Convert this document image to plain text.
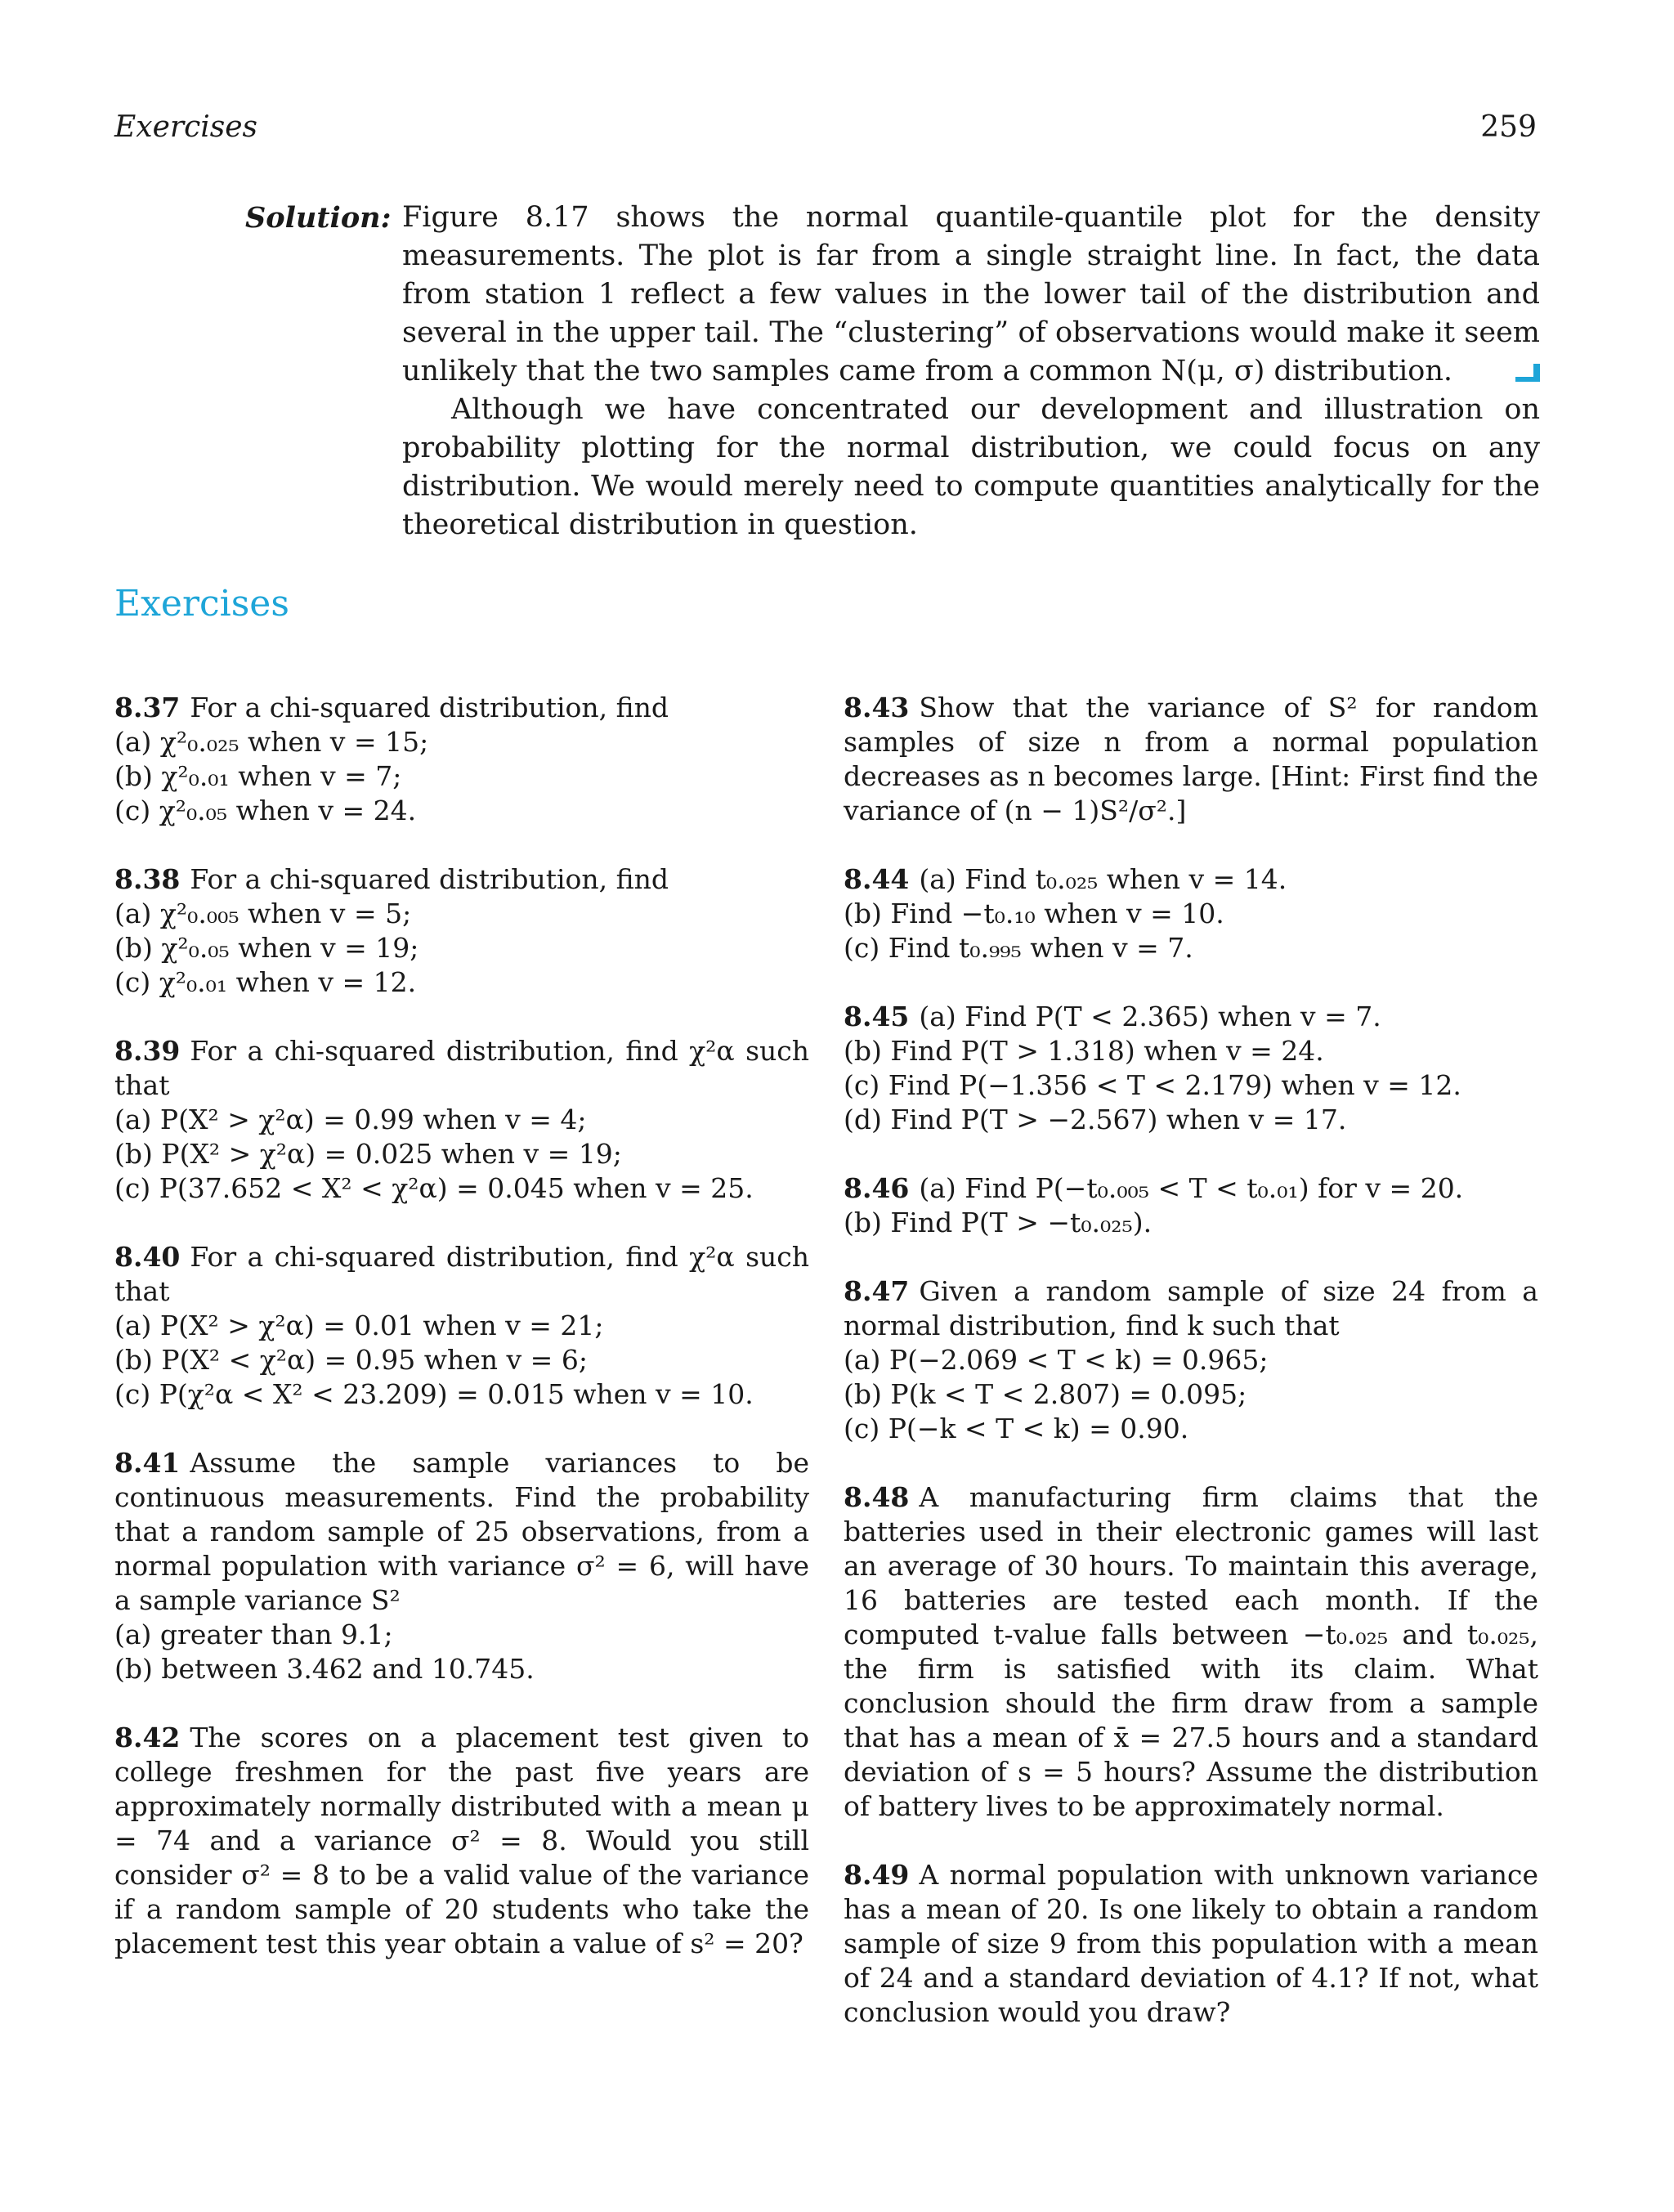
Exercises	259
Solution: Figure 8.17 shows the normal quantile-quantile plot for the density measurements. The plot is far from a single straight line. In fact, the data from station 1 reflect a few values in the lower tail of the distribution and several in the upper tail. The “clustering” of observations would make it seem unlikely that the two samples came from a common N(μ, σ) distribution.
Although we have concentrated our development and illustration on probability plotting for the normal distribution, we could focus on any distribution. We would merely need to compute quantities analytically for the theoretical distribution in question.
Exercises
8.37 For a chi-squared distribution, find
(a) χ²₀.₀₂₅ when v = 15;
(b) χ²₀.₀₁ when v = 7;
(c) χ²₀.₀₅ when v = 24.
8.38 For a chi-squared distribution, find
(a) χ²₀.₀₀₅ when v = 5;
(b) χ²₀.₀₅ when v = 19;
(c) χ²₀.₀₁ when v = 12.
8.39 For a chi-squared distribution, find χ²α such that
(a) P(X² > χ²α) = 0.99 when v = 4;
(b) P(X² > χ²α) = 0.025 when v = 19;
(c) P(37.652 < X² < χ²α) = 0.045 when v = 25.
8.40 For a chi-squared distribution, find χ²α such that
(a) P(X² > χ²α) = 0.01 when v = 21;
(b) P(X² < χ²α) = 0.95 when v = 6;
(c) P(χ²α < X² < 23.209) = 0.015 when v = 10.
8.41 Assume the sample variances to be continuous measurements. Find the probability that a random sample of 25 observations, from a normal population with variance σ² = 6, will have a sample variance S²
(a) greater than 9.1;
(b) between 3.462 and 10.745.
8.42 The scores on a placement test given to college freshmen for the past five years are approximately normally distributed with a mean μ = 74 and a variance σ² = 8. Would you still consider σ² = 8 to be a valid value of the variance if a random sample of 20 students who take the placement test this year obtain a value of s² = 20?
8.43 Show that the variance of S² for random samples of size n from a normal population decreases as n becomes large. [Hint: First find the variance of (n − 1)S²/σ².]
8.44 (a) Find t₀.₀₂₅ when v = 14.
(b) Find −t₀.₁₀ when v = 10.
(c) Find t₀.₉₉₅ when v = 7.
8.45 (a) Find P(T < 2.365) when v = 7.
(b) Find P(T > 1.318) when v = 24.
(c) Find P(−1.356 < T < 2.179) when v = 12.
(d) Find P(T > −2.567) when v = 17.
8.46 (a) Find P(−t₀.₀₀₅ < T < t₀.₀₁) for v = 20.
(b) Find P(T > −t₀.₀₂₅).
8.47 Given a random sample of size 24 from a normal distribution, find k such that
(a) P(−2.069 < T < k) = 0.965;
(b) P(k < T < 2.807) = 0.095;
(c) P(−k < T < k) = 0.90.
8.48 A manufacturing firm claims that the batteries used in their electronic games will last an average of 30 hours. To maintain this average, 16 batteries are tested each month. If the computed t-value falls between −t₀.₀₂₅ and t₀.₀₂₅, the firm is satisfied with its claim. What conclusion should the firm draw from a sample that has a mean of x̄ = 27.5 hours and a standard deviation of s = 5 hours? Assume the distribution of battery lives to be approximately normal.
8.49 A normal population with unknown variance has a mean of 20. Is one likely to obtain a random sample of size 9 from this population with a mean of 24 and a standard deviation of 4.1? If not, what conclusion would you draw?
